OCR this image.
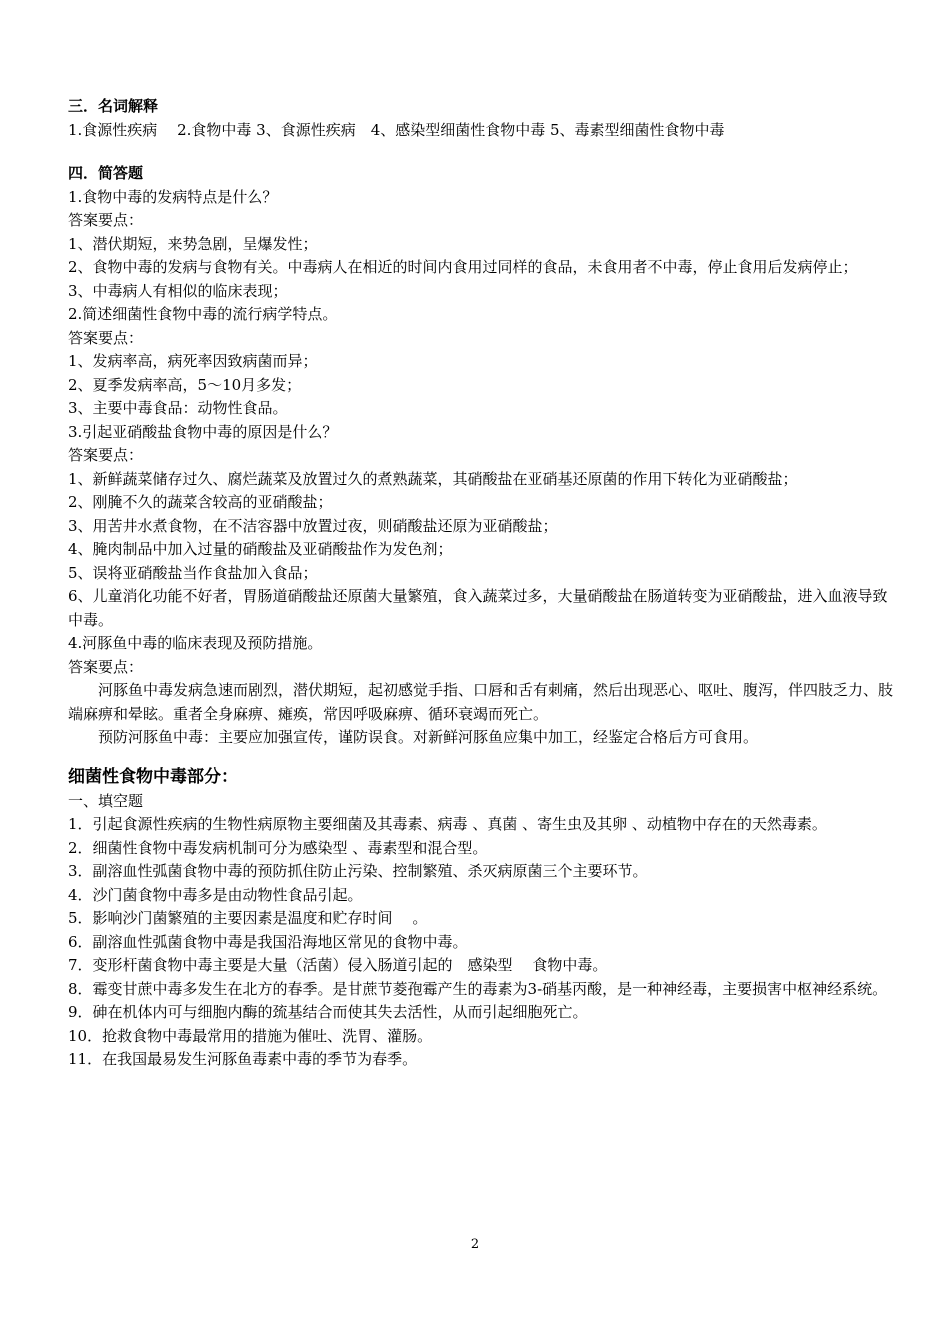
三．名词解释
1.食源性疾病　 2.食物中毒 3、食源性疾病　4、感染型细菌性食物中毒 5、毒素型细菌性食物中毒
四．简答题
1.食物中毒的发病特点是什么？
答案要点：
1、潜伏期短，来势急剧，呈爆发性；
2、食物中毒的发病与食物有关。中毒病人在相近的时间内食用过同样的食品，未食用者不中毒，停止食用后发病停止；
3、中毒病人有相似的临床表现；
2.简述细菌性食物中毒的流行病学特点。
答案要点：
1、发病率高，病死率因致病菌而异；
2、夏季发病率高，5～10月多发；
3、主要中毒食品：动物性食品。
3.引起亚硝酸盐食物中毒的原因是什么？
答案要点：
1、新鲜蔬菜储存过久、腐烂蔬菜及放置过久的煮熟蔬菜，其硝酸盐在亚硝基还原菌的作用下转化为亚硝酸盐；
2、刚腌不久的蔬菜含较高的亚硝酸盐；
3、用苦井水煮食物，在不洁容器中放置过夜，则硝酸盐还原为亚硝酸盐；
4、腌肉制品中加入过量的硝酸盐及亚硝酸盐作为发色剂；
5、误将亚硝酸盐当作食盐加入食品；
6、儿童消化功能不好者，胃肠道硝酸盐还原菌大量繁殖，食入蔬菜过多，大量硝酸盐在肠道转变为亚硝酸盐，进入血液导致中毒。
4.河豚鱼中毒的临床表现及预防措施。
答案要点：
河豚鱼中毒发病急速而剧烈，潜伏期短，起初感觉手指、口唇和舌有刺痛，然后出现恶心、呕吐、腹泻，伴四肢乏力、肢端麻痹和晕眩。重者全身麻痹、瘫痪，常因呼吸麻痹、循环衰竭而死亡。
预防河豚鱼中毒：主要应加强宣传，谨防误食。对新鲜河豚鱼应集中加工，经鉴定合格后方可食用。
细菌性食物中毒部分：
一、填空题
1．引起食源性疾病的生物性病原物主要细菌及其毒素、病毒 、真菌 、寄生虫及其卵 、动植物中存在的天然毒素。
2．细菌性食物中毒发病机制可分为感染型 、毒素型和混合型。
3．副溶血性弧菌食物中毒的预防抓住防止污染、控制繁殖、杀灭病原菌三个主要环节。
4．沙门菌食物中毒多是由动物性食品引起。
5．影响沙门菌繁殖的主要因素是温度和贮存时间　 。
6．副溶血性弧菌食物中毒是我国沿海地区常见的食物中毒。
7．变形杆菌食物中毒主要是大量（活菌）侵入肠道引起的　感染型　 食物中毒。
8．霉变甘蔗中毒多发生在北方的春季。是甘蔗节菱孢霉产生的毒素为3-硝基丙酸，是一种神经毒，主要损害中枢神经系统。
9．砷在机体内可与细胞内酶的巯基结合而使其失去活性，从而引起细胞死亡。
10．抢救食物中毒最常用的措施为催吐、洗胃、灌肠。
11．在我国最易发生河豚鱼毒素中毒的季节为春季。
2
